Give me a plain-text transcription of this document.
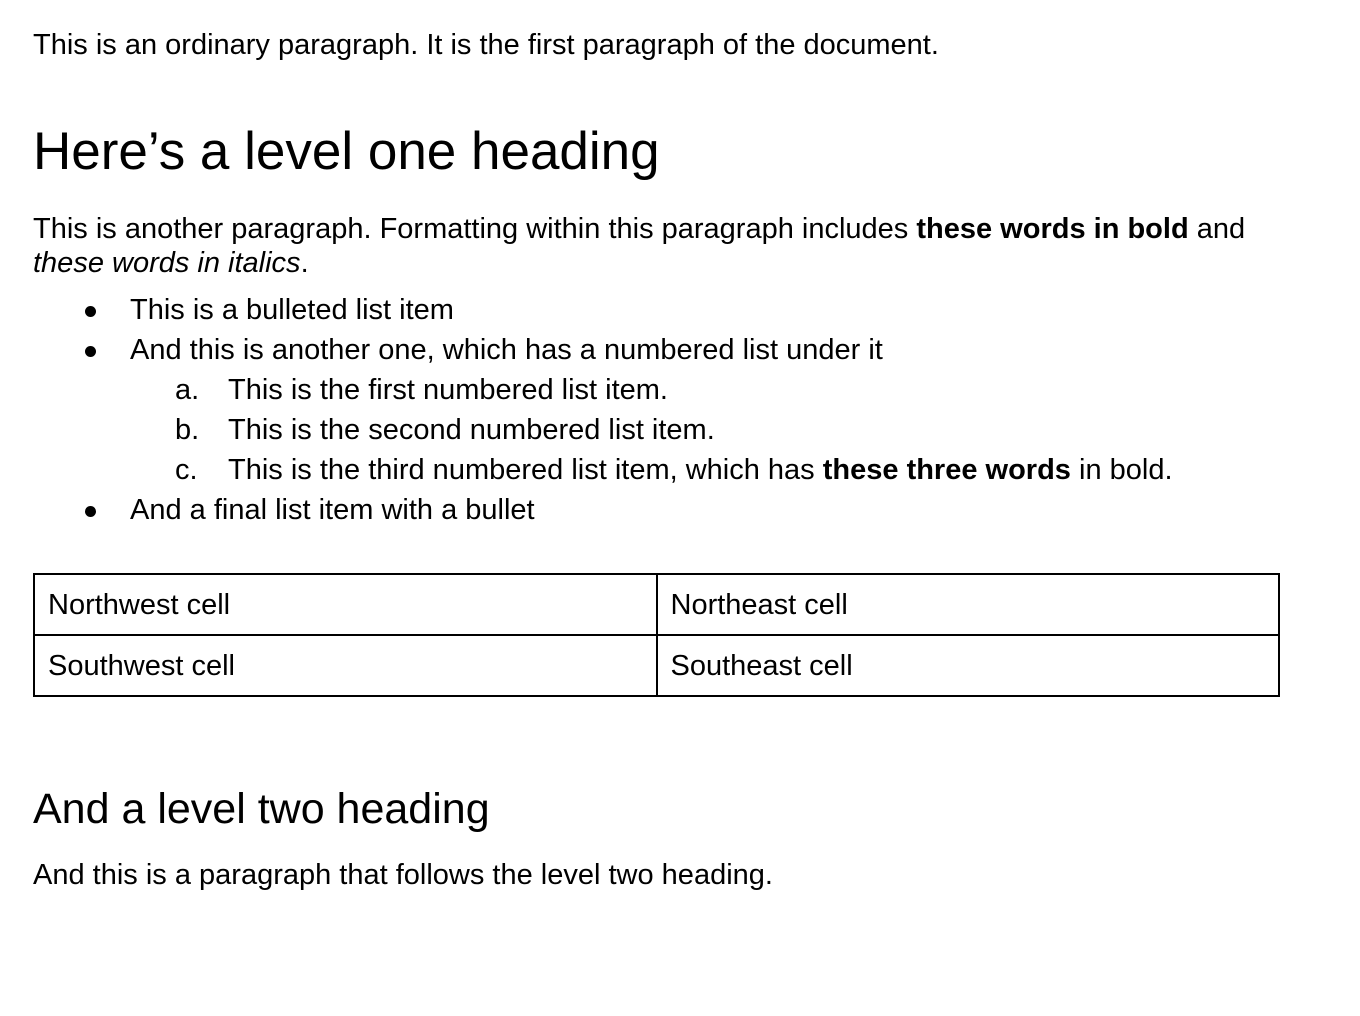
This is an ordinary paragraph. It is the first paragraph of the document.

Here’s a level one heading

This is another paragraph. Formatting within this paragraph includes these words in bold and these words in italics.

This is a bulleted list item
And this is another one, which has a numbered list under it
a. This is the first numbered list item.
b. This is the second numbered list item.
c. This is the third numbered list item, which has these three words in bold.
And a final list item with a bullet
Northwest cell	Northeast cell
Southwest cell	Southeast cell
And a level two heading

And this is a paragraph that follows the level two heading.
